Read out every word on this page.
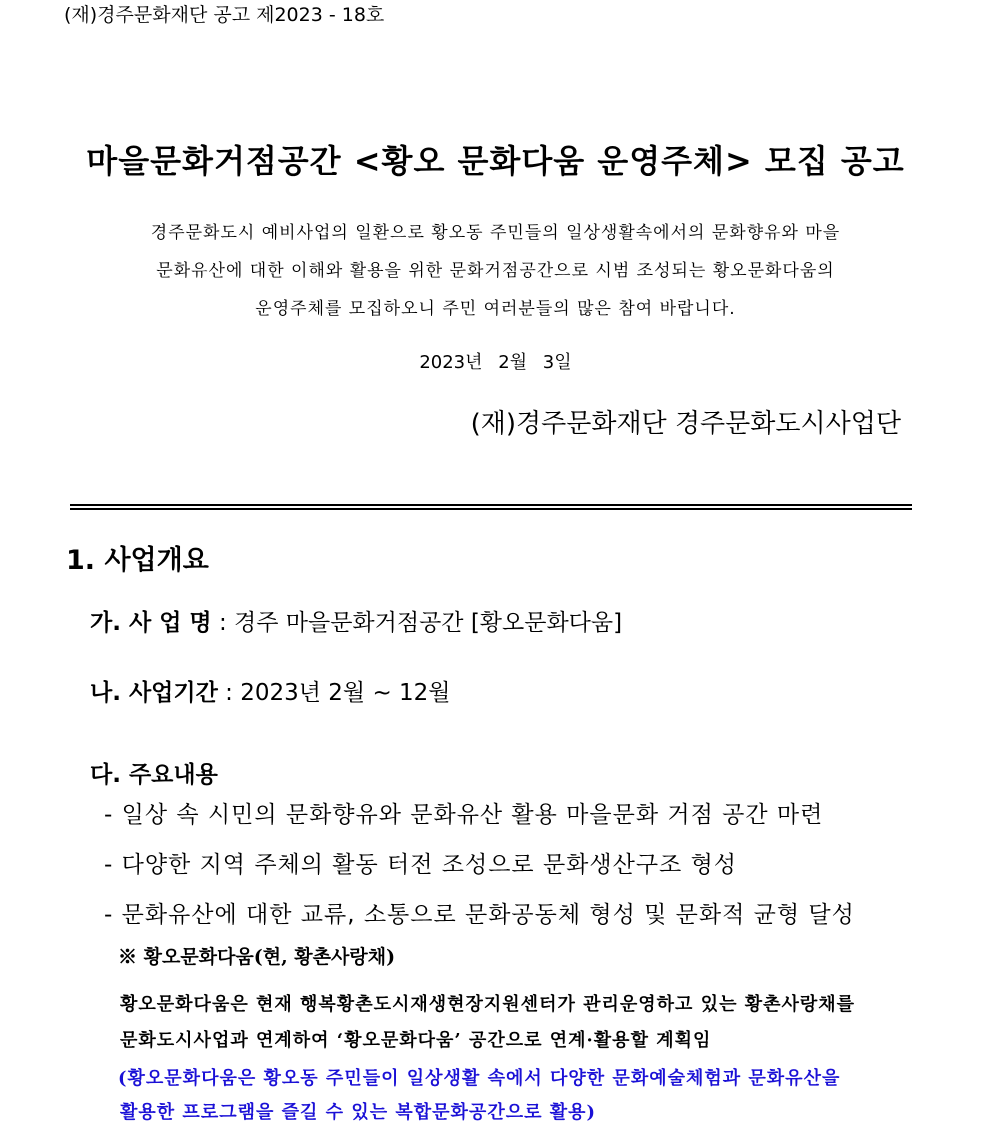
(재)경주문화재단 공고 제2023 - 18호
마을문화거점공간 <황오 문화다움 운영주체> 모집 공고
경주문화도시 예비사업의 일환으로 황오동 주민들의 일상생활속에서의 문화향유와 마을
문화유산에 대한 이해와 활용을 위한 문화거점공간으로 시범 조성되는 황오문화다움의
운영주체를 모집하오니 주민 여러분들의 많은 참여 바랍니다.
2023년 2월 3일
(재)경주문화재단 경주문화도시사업단
1. 사업개요
가. 사 업 명 : 경주 마을문화거점공간 [황오문화다움]
나. 사업기간 : 2023년 2월 ~ 12월
다. 주요내용
- 일상 속 시민의 문화향유와 문화유산 활용 마을문화 거점 공간 마련
- 다양한 지역 주체의 활동 터전 조성으로 문화생산구조 형성
- 문화유산에 대한 교류, 소통으로 문화공동체 형성 및 문화적 균형 달성
※ 황오문화다움(현, 황촌사랑채)
황오문화다움은 현재 행복황촌도시재생현장지원센터가 관리운영하고 있는 황촌사랑채를
문화도시사업과 연계하여 ‘황오문화다움’ 공간으로 연계·활용할 계획임
(황오문화다움은 황오동 주민들이 일상생활 속에서 다양한 문화예술체험과 문화유산을
활용한 프로그램을 즐길 수 있는 복합문화공간으로 활용)
